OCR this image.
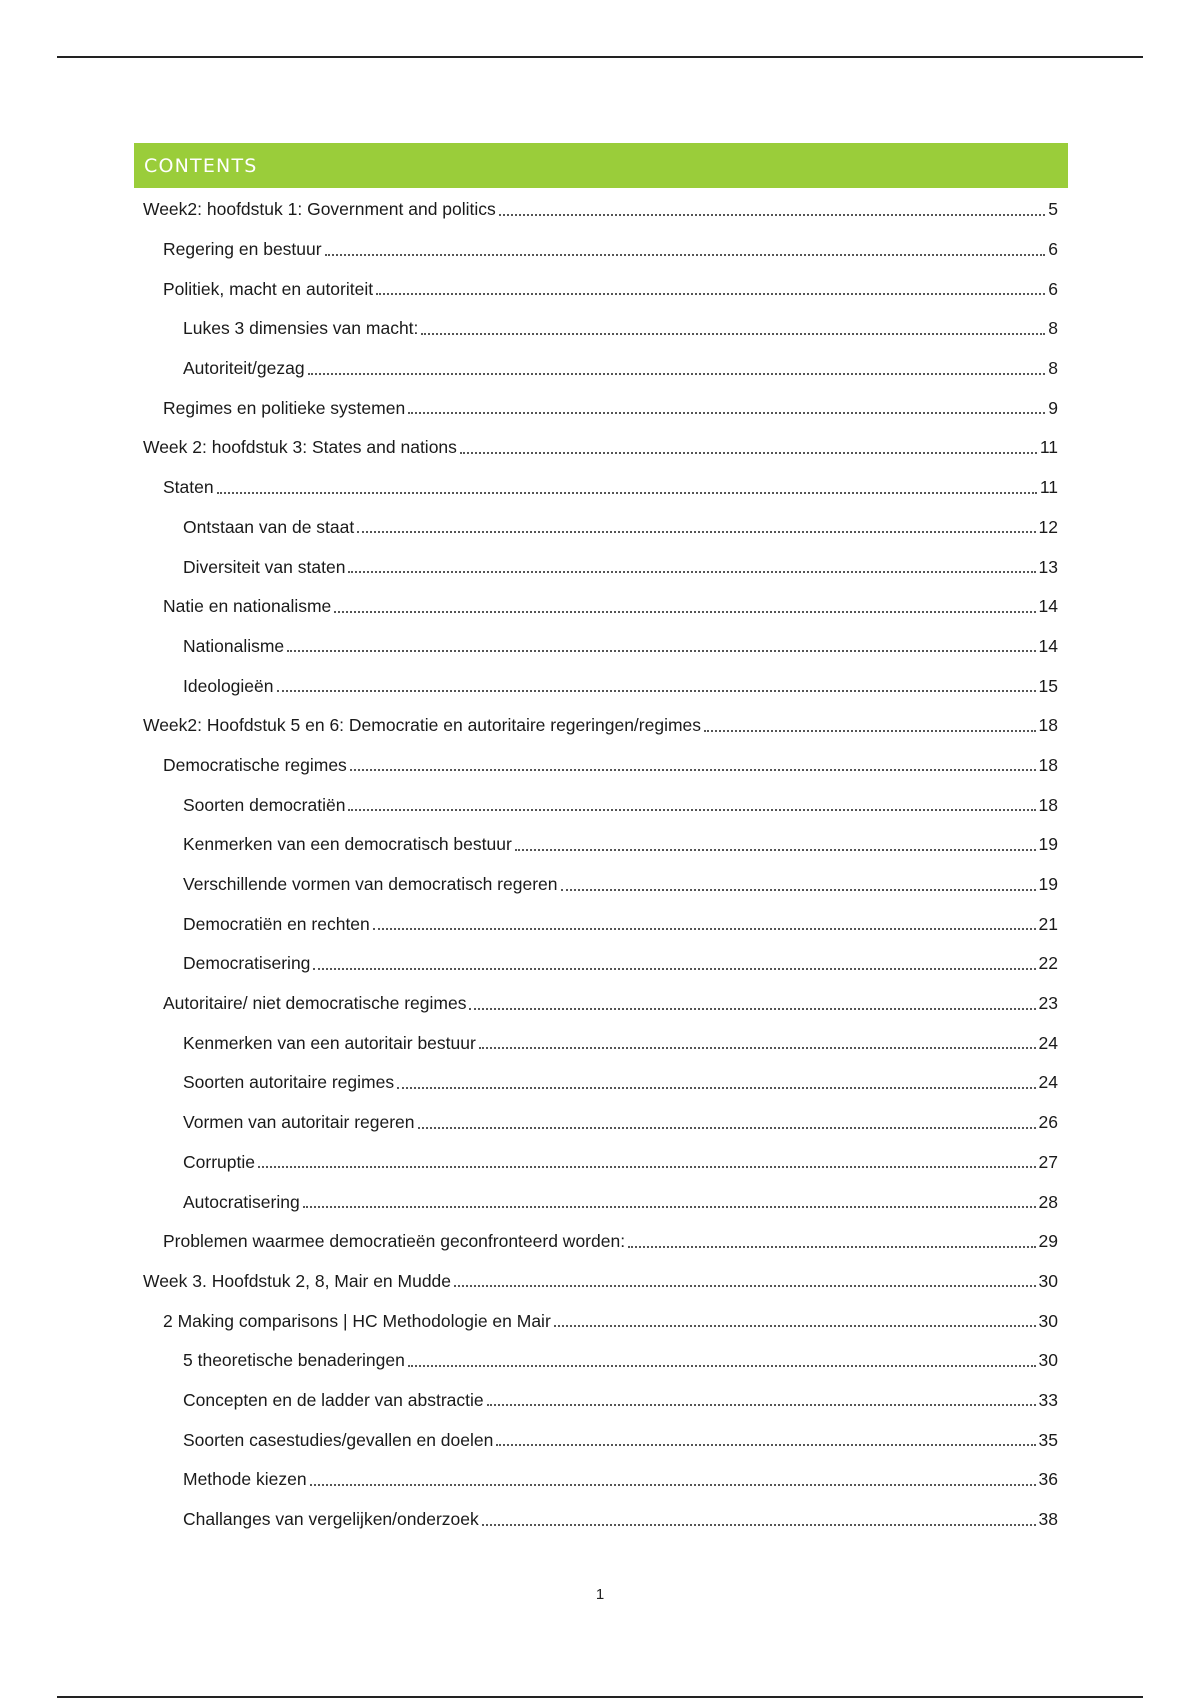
CONTENTS
Week2: hoofdstuk 1: Government and politics	5
Regering en bestuur	6
Politiek, macht en autoriteit	6
Lukes 3 dimensies van macht:	8
Autoriteit/gezag	8
Regimes en politieke systemen	9
Week 2: hoofdstuk 3: States and nations	11
Staten	11
Ontstaan van de staat	12
Diversiteit van staten	13
Natie en nationalisme	14
Nationalisme	14
Ideologieën	15
Week2: Hoofdstuk 5 en 6: Democratie en autoritaire regeringen/regimes	18
Democratische regimes	18
Soorten democratiën	18
Kenmerken van een democratisch bestuur	19
Verschillende vormen van democratisch regeren	19
Democratiën en rechten	21
Democratisering	22
Autoritaire/ niet democratische regimes	23
Kenmerken van een autoritair bestuur	24
Soorten autoritaire regimes	24
Vormen van autoritair regeren	26
Corruptie	27
Autocratisering	28
Problemen waarmee democratieën geconfronteerd worden:	29
Week 3. Hoofdstuk 2, 8, Mair en Mudde	30
2 Making comparisons | HC Methodologie en Mair	30
5 theoretische benaderingen	30
Concepten en de ladder van abstractie	33
Soorten casestudies/gevallen en doelen	35
Methode kiezen	36
Challanges van vergelijken/onderzoek	38
1
